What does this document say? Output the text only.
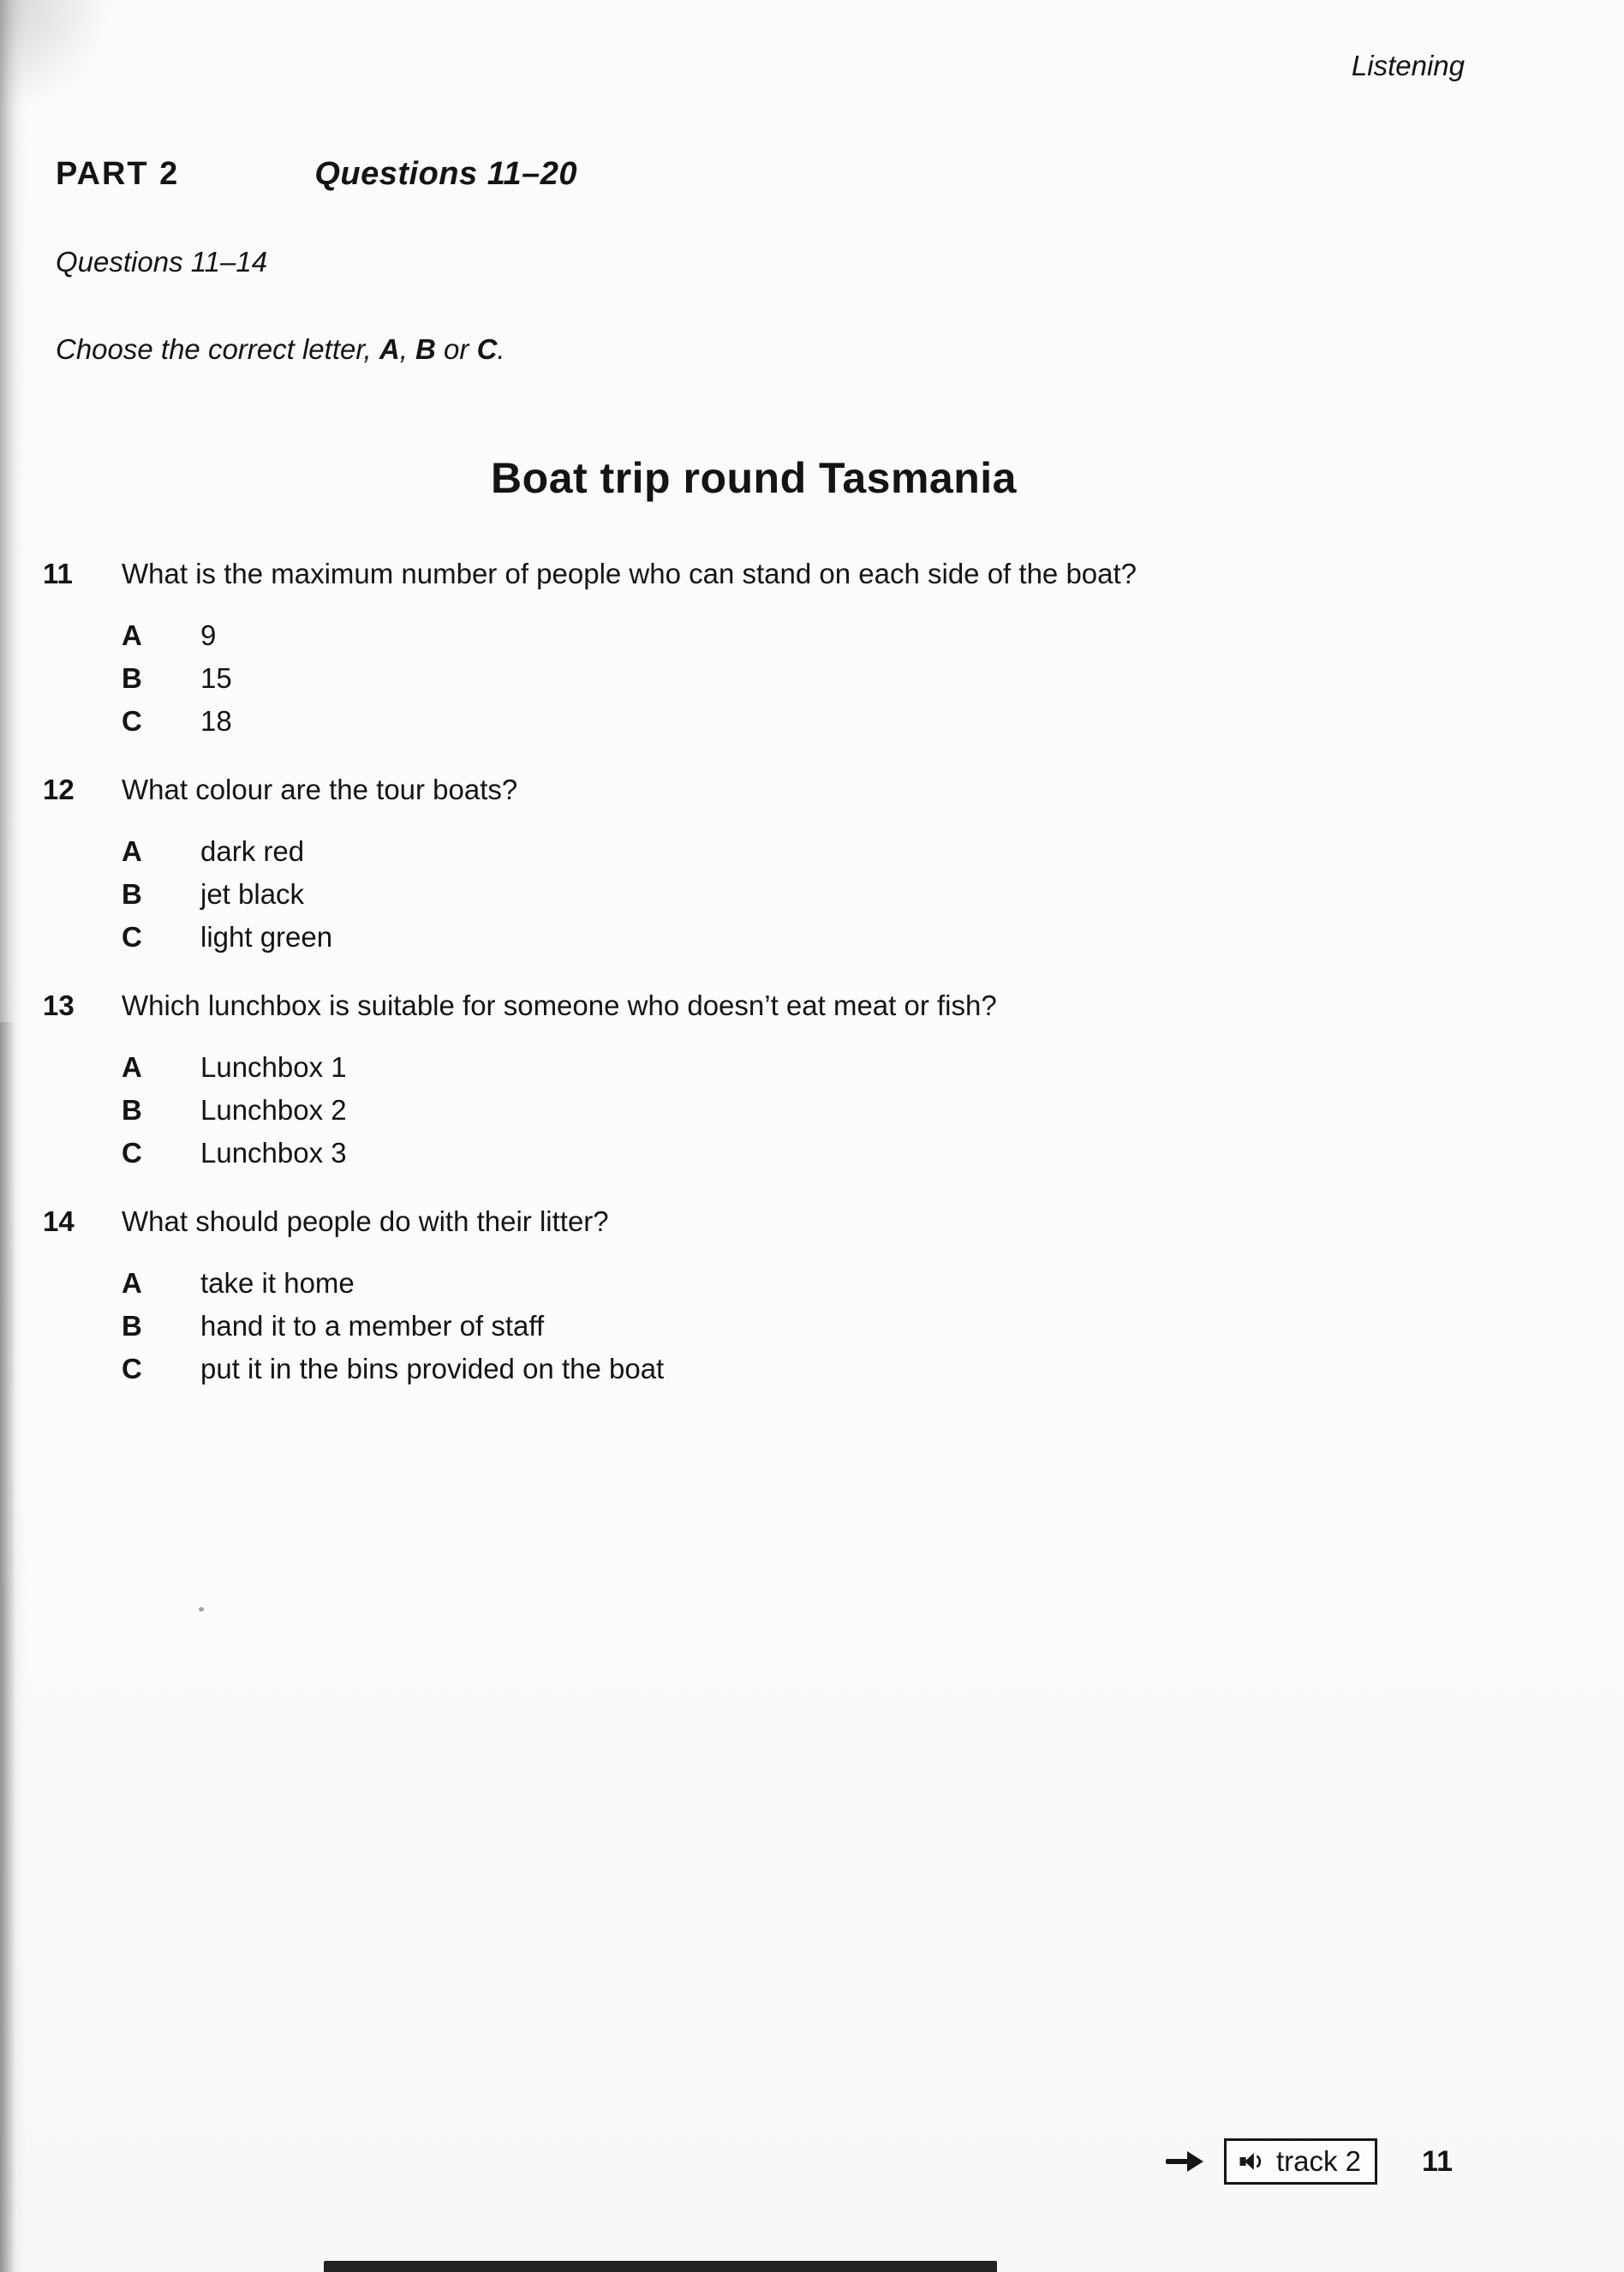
Listening
PART 2	Questions 11–20
Questions 11–14
Choose the correct letter, A, B or C.
Boat trip round Tasmania
11	What is the maximum number of people who can stand on each side of the boat?
A	9
B	15
C	18
12	What colour are the tour boats?
A	dark red
B	jet black
C	light green
13	Which lunchbox is suitable for someone who doesn’t eat meat or fish?
A	Lunchbox 1
B	Lunchbox 2
C	Lunchbox 3
14	What should people do with their litter?
A	take it home
B	hand it to a member of staff
C	put it in the bins provided on the boat
track 2 11
